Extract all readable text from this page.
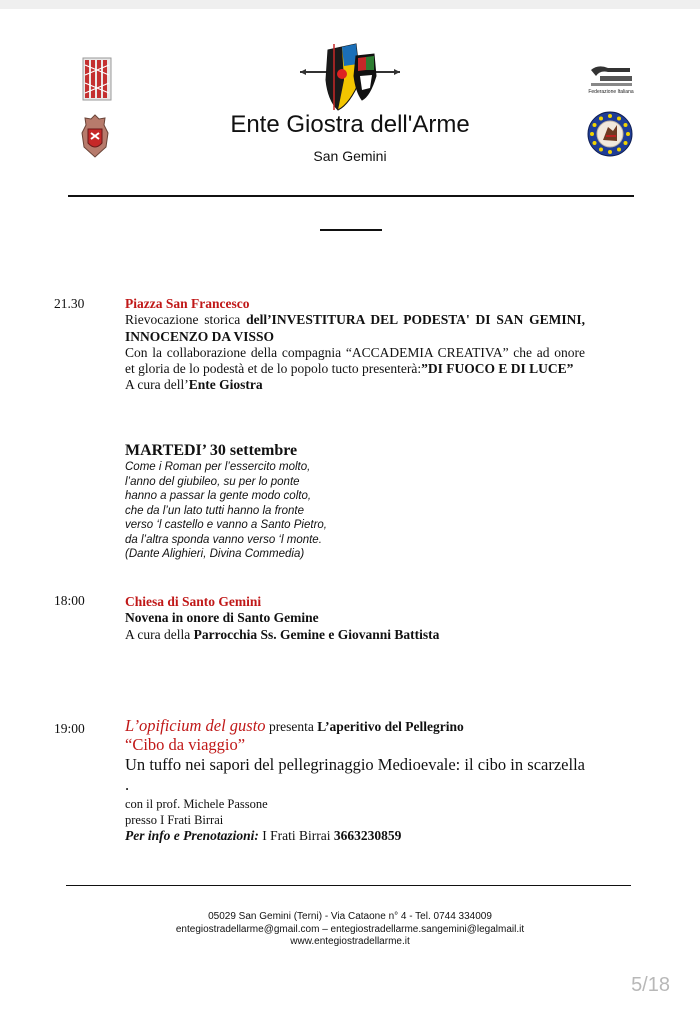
Ente Giostra dell'Arme
San Gemini
Federazione Italiana
21.30	Piazza San Francesco
Rievocazione storica dell’INVESTITURA DEL PODESTA' DI SAN GEMINI, INNOCENZO DA VISSO
Con la collaborazione della compagnia “ACCADEMIA CREATIVA” che ad onore et gloria de lo podestà et de lo popolo tucto presenterà:”DI FUOCO E DI LUCE”
A cura dell’Ente Giostra
MARTEDI’ 30 settembre
Come i Roman per l’essercito molto,
l’anno del giubileo, su per lo ponte
hanno a passar la gente modo colto,
che da l’un lato tutti hanno la fronte
verso ‘l castello e vanno a Santo Pietro,
da l’altra sponda vanno verso ‘l monte.
(Dante Alighieri, Divina Commedia)
18:00	Chiesa di Santo Gemini
Novena in onore di Santo Gemine
A cura della Parrocchia Ss. Gemine e Giovanni Battista
19:00 L’opificium del gusto presenta L’aperitivo del Pellegrino
“Cibo da viaggio”
Un tuffo nei sapori del pellegrinaggio Medioevale: il cibo in scarzella .
con il prof. Michele Passone
presso I Frati Birrai
Per info e Prenotazioni: I Frati Birrai 3663230859
05029 San Gemini (Terni) - Via Cataone n° 4 - Tel. 0744 334009
entegiostradellarme@gmail.com – entegiostradellarme.sangemini@legalmail.it
www.entegiostradellarme.it
5/18
